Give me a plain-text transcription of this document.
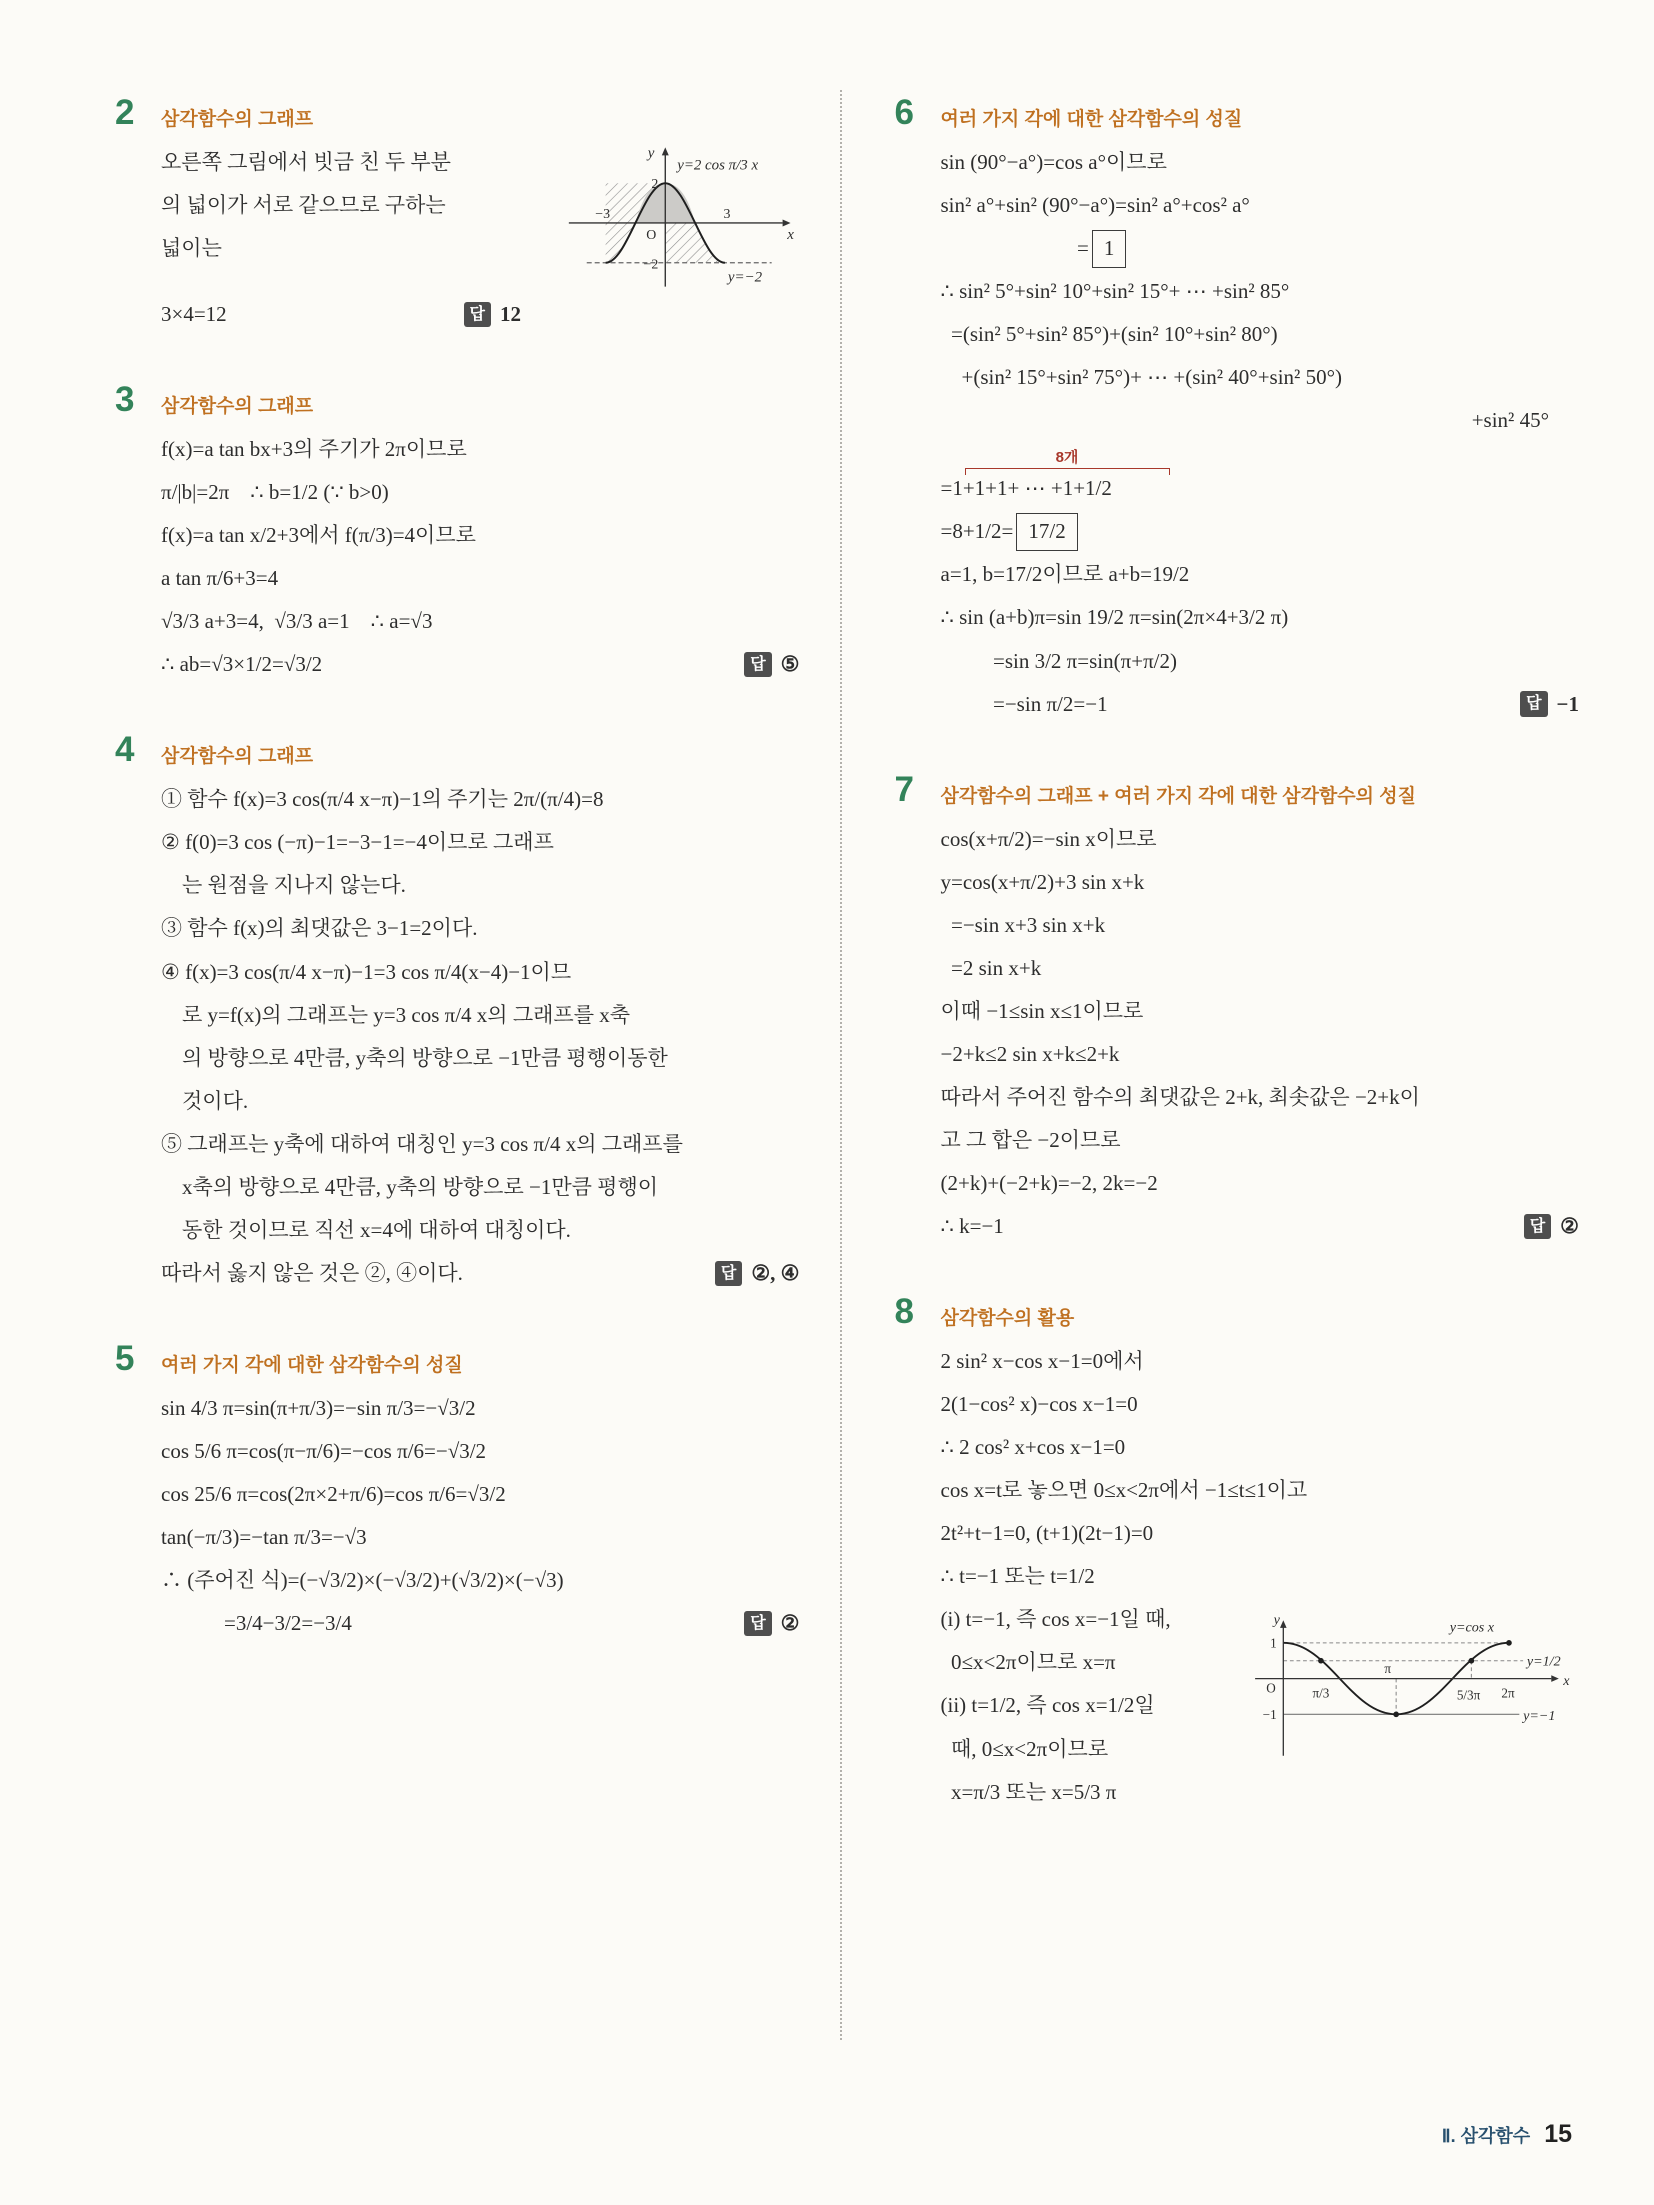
2	삼각함수의 그래프
오른쪽 그림에서 빗금 친 두 부분
의 넓이가 서로 같으므로 구하는
넓이는
y
x
O
2
−2
−3	3
y=2 cos π/3 x
y=−2
3×4=12	답 12
3	삼각함수의 그래프
f(x)=a tan bx+3의 주기가 2π이므로
π/|b|=2π    ∴ b=1/2 (∵ b>0)
f(x)=a tan x/2+3에서 f(π/3)=4이므로
a tan π/6+3=4
√3/3 a+3=4,  √3/3 a=1    ∴ a=√3
∴ ab=√3×1/2=√3/2	답 ⑤
4	삼각함수의 그래프
① 함수 f(x)=3 cos(π/4 x−π)−1의 주기는 2π/(π/4)=8
② f(0)=3 cos (−π)−1=−3−1=−4이므로 그래프
는 원점을 지나지 않는다.
③ 함수 f(x)의 최댓값은 3−1=2이다.
④ f(x)=3 cos(π/4 x−π)−1=3 cos π/4(x−4)−1이므
로 y=f(x)의 그래프는 y=3 cos π/4 x의 그래프를 x축
의 방향으로 4만큼, y축의 방향으로 −1만큼 평행이동한
것이다.
⑤ 그래프는 y축에 대하여 대칭인 y=3 cos π/4 x의 그래프를
x축의 방향으로 4만큼, y축의 방향으로 −1만큼 평행이
동한 것이므로 직선 x=4에 대하여 대칭이다.
따라서 옳지 않은 것은 ②, ④이다.	답 ②, ④
5	여러 가지 각에 대한 삼각함수의 성질
sin 4/3 π=sin(π+π/3)=−sin π/3=−√3/2
cos 5/6 π=cos(π−π/6)=−cos π/6=−√3/2
cos 25/6 π=cos(2π×2+π/6)=cos π/6=√3/2
tan(−π/3)=−tan π/3=−√3
∴ (주어진 식)=(−√3/2)×(−√3/2)+(√3/2)×(−√3)
=3/4−3/2=−3/4	답 ②
6	여러 가지 각에 대한 삼각함수의 성질
sin (90°−a°)=cos a°이므로
sin² a°+sin² (90°−a°)=sin² a°+cos² a°
= 1
∴ sin² 5°+sin² 10°+sin² 15°+ ⋯ +sin² 85°
=(sin² 5°+sin² 85°)+(sin² 10°+sin² 80°)
+(sin² 15°+sin² 75°)+ ⋯ +(sin² 40°+sin² 50°)
+sin² 45°
8개
=1+1+1+ ⋯ +1+1/2
=8+1/2= 17/2
a=1, b=17/2이므로 a+b=19/2
∴ sin (a+b)π=sin 19/2 π=sin(2π×4+3/2 π)
=sin 3/2 π=sin(π+π/2)
=−sin π/2=−1	답 −1
7	삼각함수의 그래프 + 여러 가지 각에 대한 삼각함수의 성질
cos(x+π/2)=−sin x이므로
y=cos(x+π/2)+3 sin x+k
=−sin x+3 sin x+k
=2 sin x+k
이때 −1≤sin x≤1이므로
−2+k≤2 sin x+k≤2+k
따라서 주어진 함수의 최댓값은 2+k, 최솟값은 −2+k이
고 그 합은 −2이므로
(2+k)+(−2+k)=−2, 2k=−2
∴ k=−1	답 ②
8	삼각함수의 활용
2 sin² x−cos x−1=0에서
2(1−cos² x)−cos x−1=0
∴ 2 cos² x+cos x−1=0
cos x=t로 놓으면 0≤x<2π에서 −1≤t≤1이고
2t²+t−1=0, (t+1)(2t−1)=0
∴ t=−1 또는 t=1/2
(i) t=−1, 즉 cos x=−1일 때,
0≤x<2π이므로 x=π
(ii) t=1/2, 즉 cos x=1/2일
때, 0≤x<2π이므로
x=π/3 또는 x=5/3 π
y
x
O
1
−1
π/3
π
5/3π 2π
y=cos x
y=1/2
y=−1
Ⅱ. 삼각함수 15
